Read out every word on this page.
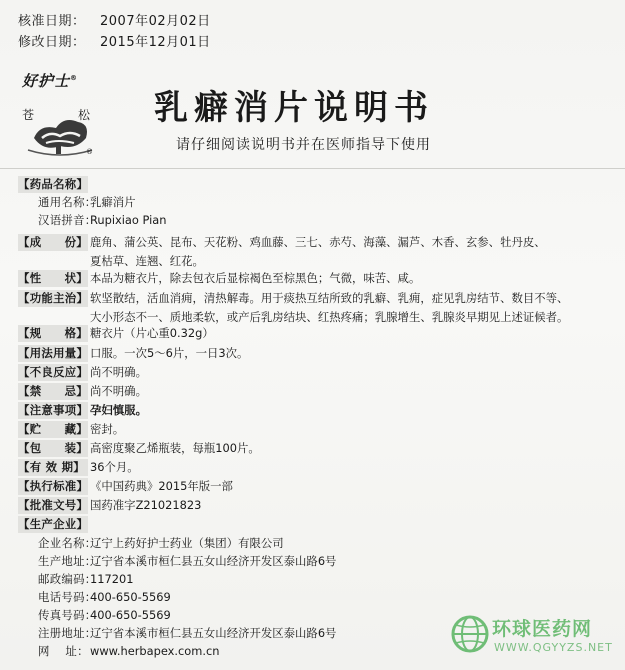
核准日期： 2007年02月02日
修改日期： 2015年12月01日
好护士®
苍	松
®
乳癖消片说明书
请仔细阅读说明书并在医师指导下使用
【药品名称】
通用名称：
乳癖消片
汉语拼音：
Rupixiao Pian
【成 份】 鹿角、蒲公英、昆布、天花粉、鸡血藤、三七、赤芍、海藻、漏芦、木香、玄参、牡丹皮、
夏枯草、连翘、红花。
【性 状】 本品为糖衣片，除去包衣后显棕褐色至棕黑色；气微，味苦、咸。
【功能主治】 软坚散结，活血消痈，清热解毒。用于痰热互结所致的乳癖、乳痈，症见乳房结节、数目不等、
大小形态不一、质地柔软，或产后乳房结块、红热疼痛；乳腺增生、乳腺炎早期见上述证候者。
【规 格】 糖衣片（片心重0.32g）
【用法用量】 口服。一次5～6片，一日3次。
【不良反应】 尚不明确。
【禁 忌】 尚不明确。
【注意事项】 孕妇慎服。
【贮 藏】 密封。
【包 装】 高密度聚乙烯瓶装，每瓶100片。
【有 效 期】 36个月。
【执行标准】 《中国药典》2015年版一部
【批准文号】 国药准字Z21021823
【生产企业】
企业名称：
辽宁上药好护士药业（集团）有限公司
生产地址：
辽宁省本溪市桓仁县五女山经济开发区泰山路6号
邮政编码：
117201
电话号码：
400-650-5569
传真号码：
400-650-5569
注册地址：
辽宁省本溪市桓仁县五女山经济开发区泰山路6号
网    址： www.herbapex.com.cn
环球医药网
WWW.QGYYZS.NET
